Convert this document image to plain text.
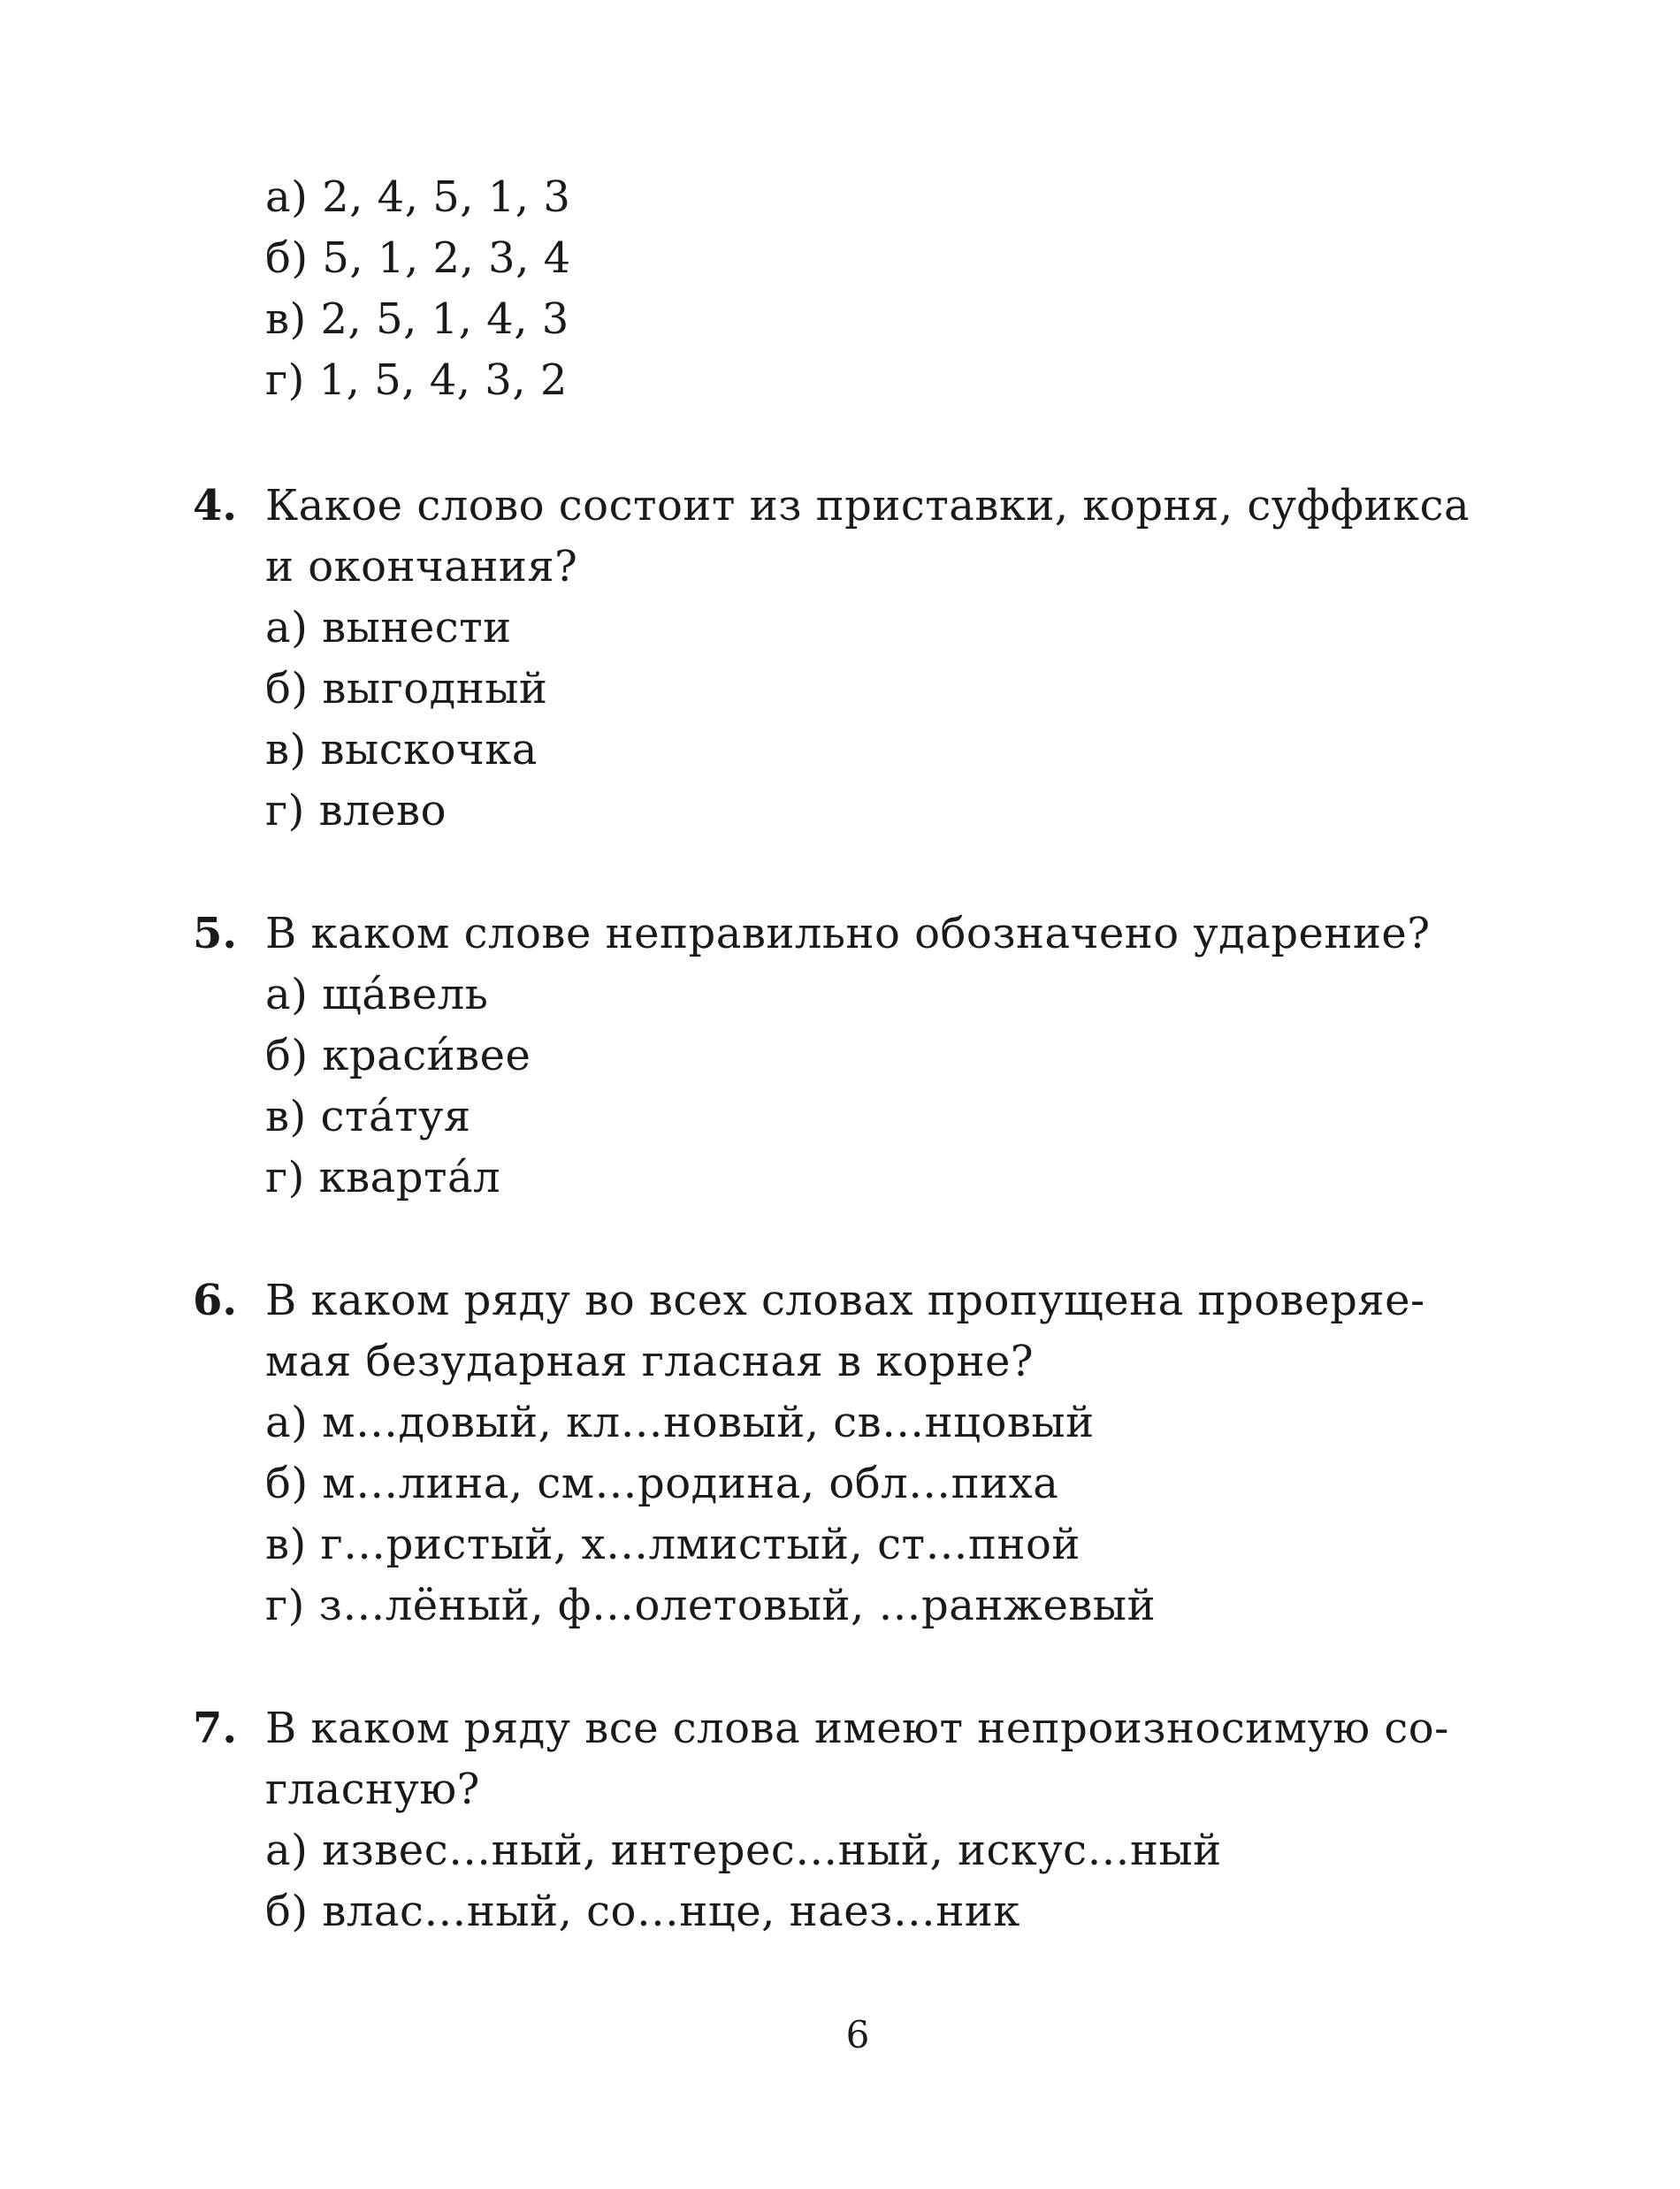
а) 2, 4, 5, 1, 3
б) 5, 1, 2, 3, 4
в) 2, 5, 1, 4, 3
г) 1, 5, 4, 3, 2
4. Какое слово состоит из приставки, корня, суффикса
и окончания?
а) вынести
б) выгодный
в) выскочка
г) влево
5. В каком слове неправильно обозначено ударение?
а) ща́вель
б) краси́вее
в) ста́туя
г) кварта́л
6. В каком ряду во всех словах пропущена проверяе-
мая безударная гласная в корне?
а) м…довый, кл…новый, св…нцовый
б) м…лина, см…родина, обл…пиха
в) г…ристый, х…лмистый, ст…пной
г) з…лёный, ф…олетовый, …ранжевый
7. В каком ряду все слова имеют непроизносимую со-
гласную?
а) извес…ный, интерес…ный, искус…ный
б) влас…ный, со…нце, наез…ник
6
